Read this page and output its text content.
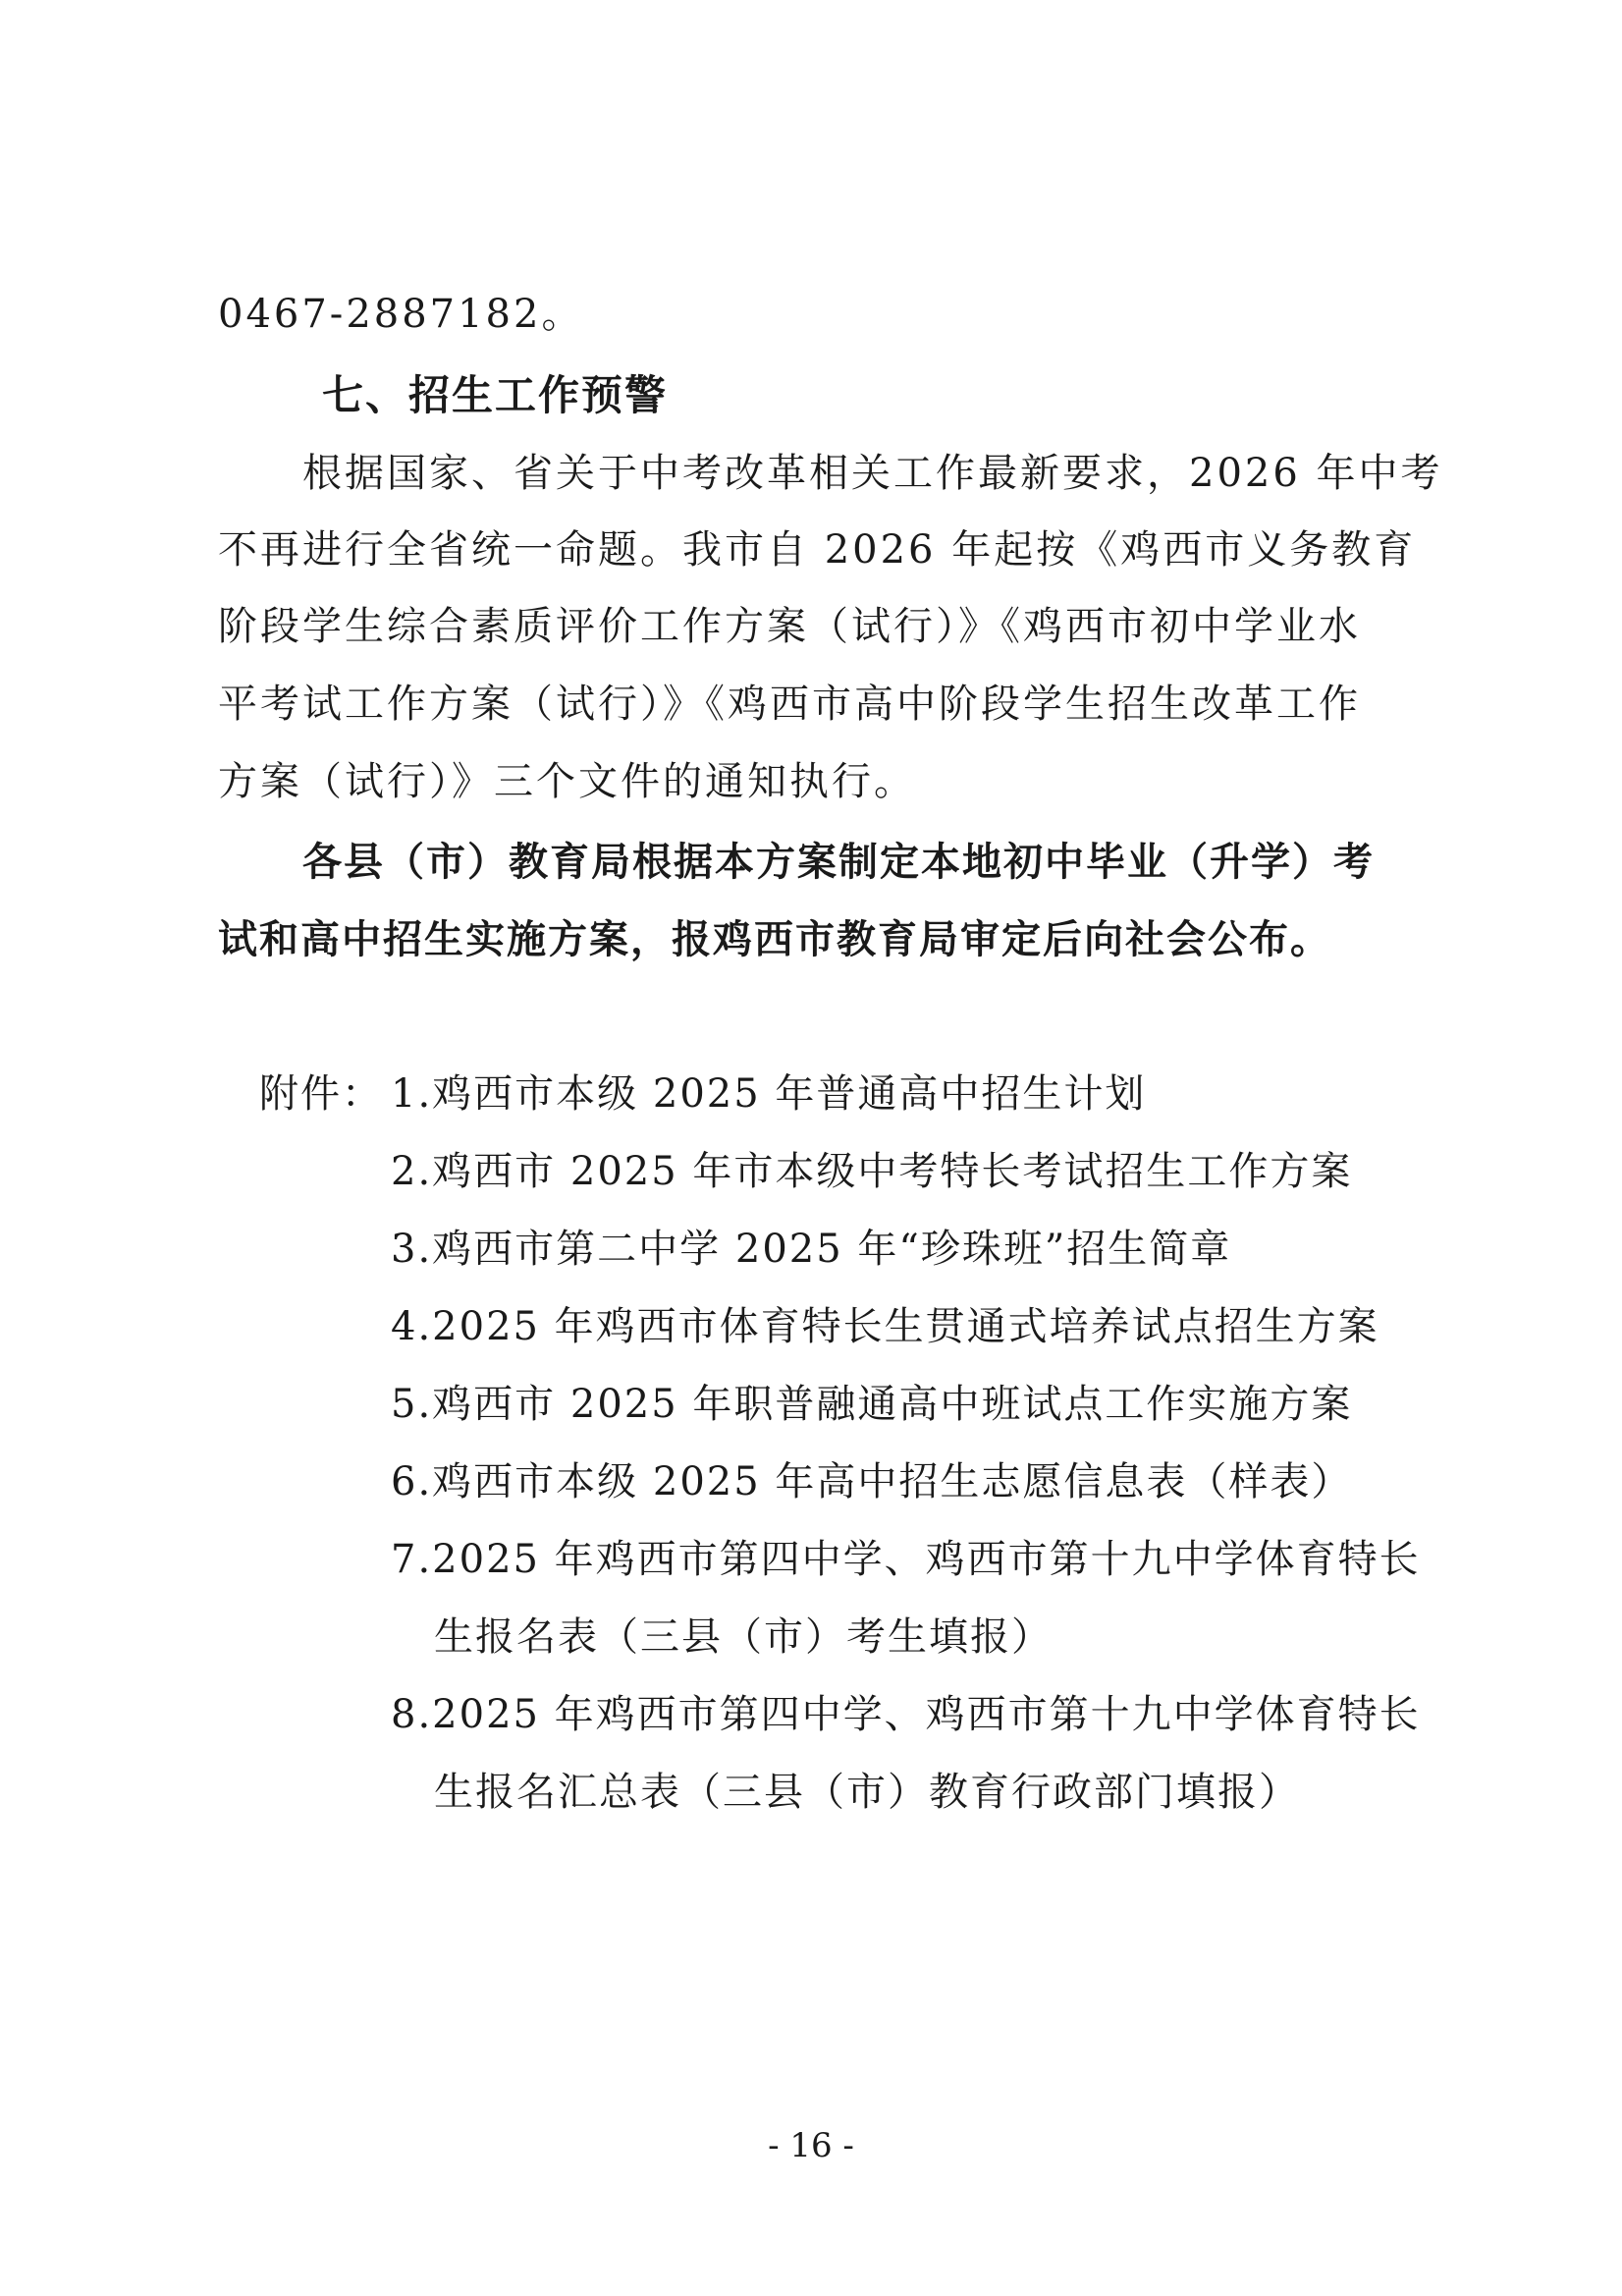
0467-2887182。
七、招生工作预警
根据国家、省关于中考改革相关工作最新要求，2026 年中考
不再进行全省统一命题。我市自 2026 年起按《鸡西市义务教育
阶段学生综合素质评价工作方案（试行）》《鸡西市初中学业水
平考试工作方案（试行）》《鸡西市高中阶段学生招生改革工作
方案（试行）》三个文件的通知执行。
各县（市）教育局根据本方案制定本地初中毕业（升学）考
试和高中招生实施方案，报鸡西市教育局审定后向社会公布。
附件： 1.鸡西市本级 2025 年普通高中招生计划
2.鸡西市 2025 年市本级中考特长考试招生工作方案
3.鸡西市第二中学 2025 年“珍珠班”招生简章
4.2025 年鸡西市体育特长生贯通式培养试点招生方案
5.鸡西市 2025 年职普融通高中班试点工作实施方案
6.鸡西市本级 2025 年高中招生志愿信息表（样表）
7.2025 年鸡西市第四中学、鸡西市第十九中学体育特长
生报名表（三县（市）考生填报）
8.2025 年鸡西市第四中学、鸡西市第十九中学体育特长
生报名汇总表（三县（市）教育行政部门填报）
- 16 -
